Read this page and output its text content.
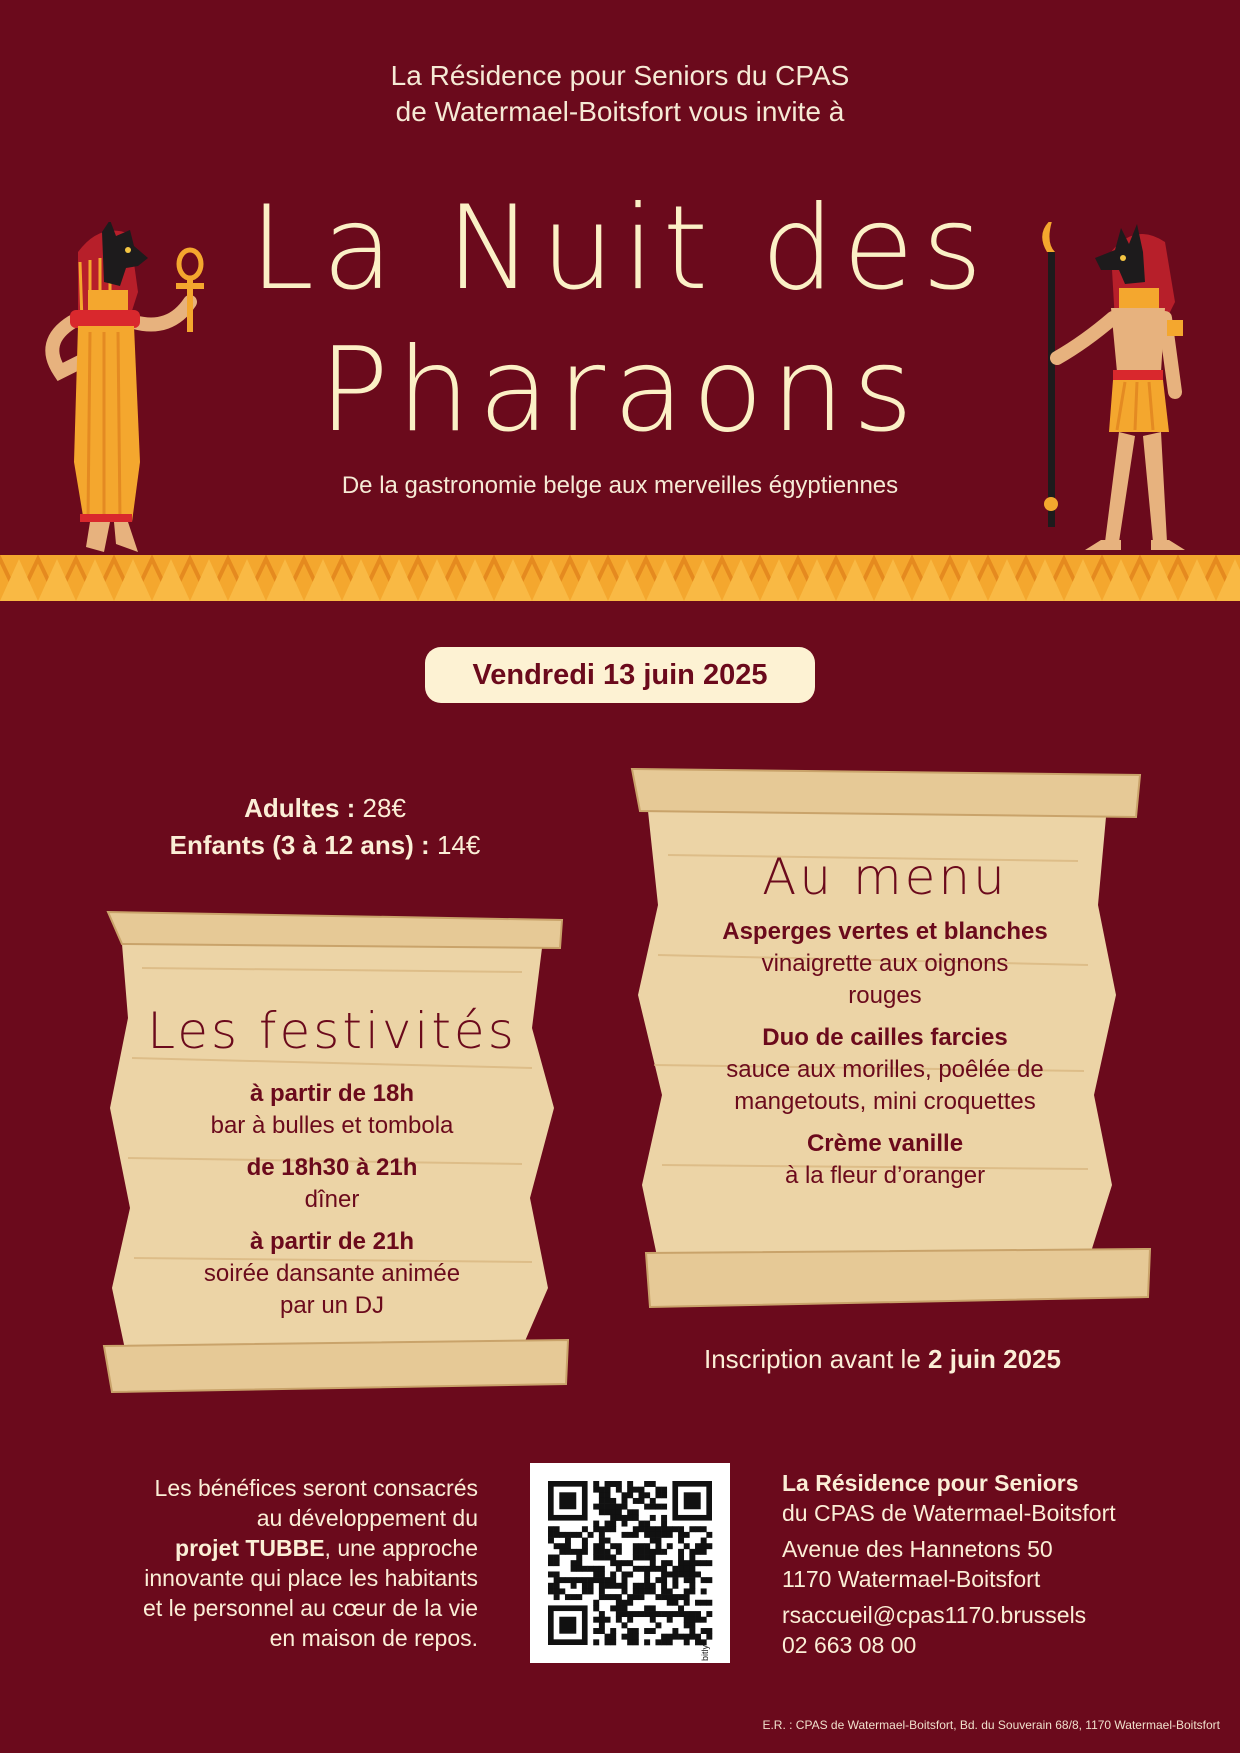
La Résidence pour Seniors du CPAS
de Watermael-Boitsfort vous invite à
La Nuit des
Pharaons
De la gastronomie belge aux merveilles égyptiennes
Vendredi 13 juin 2025
Adultes : 28€
Enfants (3 à 12 ans) : 14€
Les festivités
à partir de 18h
bar à bulles et tombola
de 18h30 à 21h
dîner
à partir de 21h
soirée dansante animée par un DJ
Au menu
Asperges vertes et blanches
vinaigrette aux oignons rouges
Duo de cailles farcies
sauce aux morilles, poêlée de mangetouts, mini croquettes
Crème vanille
à la fleur d’oranger
Inscription avant le 2 juin 2025
Les bénéfices seront consacrés
au développement du
projet TUBBE, une approche
innovante qui place les habitants
et le personnel au cœur de la vie
en maison de repos.
bitly
La Résidence pour Seniors
du CPAS de Watermael-Boitsfort
Avenue des Hannetons 50
1170 Watermael-Boitsfort
rsaccueil@cpas1170.brussels
02 663 08 00
E.R. : CPAS de Watermael-Boitsfort, Bd. du Souverain 68/8, 1170 Watermael-Boitsfort
